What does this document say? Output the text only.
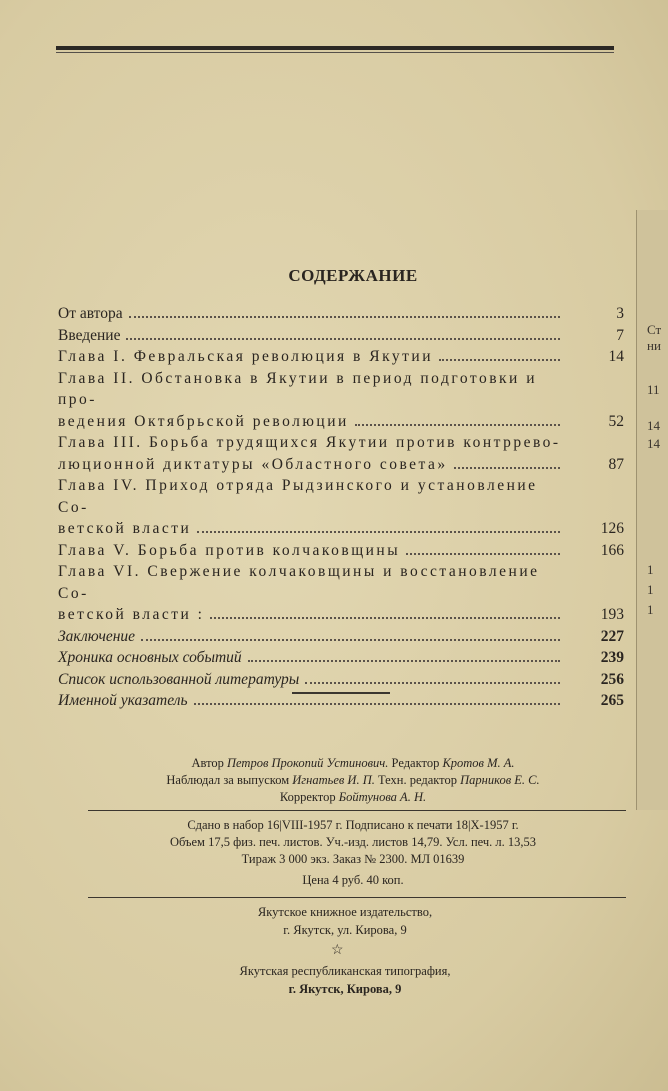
Ст
ни
11
14
14
1
1
1
СОДЕРЖАНИЕ
От автора	3
Введение	7
Глава I. Февральская революция в Якутии	14
Глава II. Обстановка в Якутии в период подготовки и про-
ведения Октябрьской революции	52
Глава III. Борьба трудящихся Якутии против контррево-
люционной диктатуры «Областного совета»	87
Глава IV. Приход отряда Рыдзинского и установление Со-
ветской власти	126
Глава V. Борьба против колчаковщины	166
Глава VI. Свержение колчаковщины и восстановление Со-
ветской власти :	193
Заключение	227
Хроника основных событий	239
Список использованной литературы	256
Именной указатель	265
Автор Петров Прокопий Устинович. Редактор Кротов М. А.
Наблюдал за выпуском Игнатьев И. П. Техн. редактор Парников Е. С.
Корректор Бойтунова А. Н.
Сдано в набор 16|VIII-1957 г. Подписано к печати 18|X-1957 г.
Объем 17,5 физ. печ. листов. Уч.-изд. листов 14,79. Усл. печ. л. 13,53
Тираж 3 000 экз. Заказ № 2300. МЛ 01639
Цена 4 руб. 40 коп.
Якутское книжное издательство,
г. Якутск, ул. Кирова, 9
☆
Якутская республиканская типография,
г. Якутск, Кирова, 9
